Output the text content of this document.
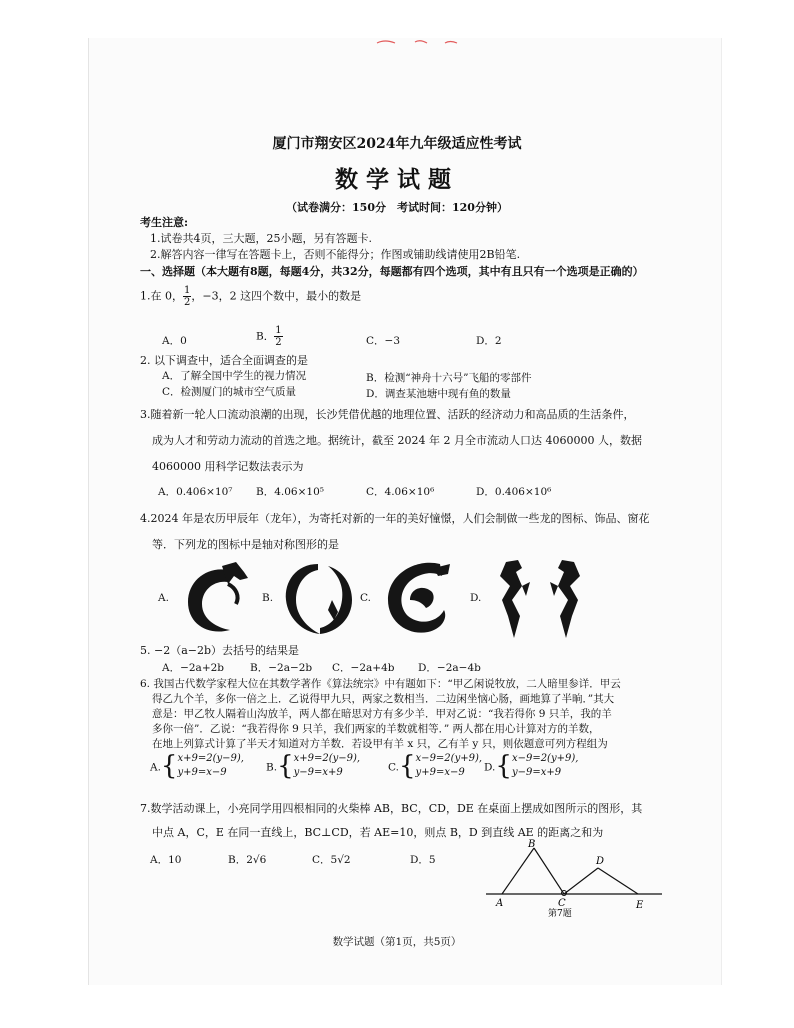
厦门市翔安区2024年九年级适应性考试
数学试题
（试卷满分：150分　考试时间：120分钟）
考生注意:
1.试卷共4页，三大题，25小题，另有答题卡.
2.解答内容一律写在答题卡上，否则不能得分；作图或铺助线请使用2B铅笔.
一、选择题（本大题有8题，每题4分，共32分，每题都有四个选项，其中有且只有一个选项是正确的）
1.在 0， $\frac{1}{2}$ ，−3，2 这四个数中，最小的数是
A．0	B． $\frac{1}{2}$	C．−3	D．2
2. 以下调查中，适合全面调查的是
A．了解全国中学生的视力情况	B．检测“神舟十六号”飞船的零部件
C．检测厦门的城市空气质量	D．调查某池塘中现有鱼的数量
3.随着新一轮人口流动浪潮的出现，长沙凭借优越的地理位置、活跃的经济动力和高品质的生活条件，
成为人才和劳动力流动的首选之地。据统计，截至 2024 年 2 月全市流动人口达 4060000 人，数据
4060000 用科学记数法表示为
A．0.406×10⁷ B．4.06×10⁵	C．4.06×10⁶	D．0.406×10⁶
4.2024 年是农历甲辰年（龙年），为寄托对新的一年的美好憧憬，人们会制做一些龙的图标、饰品、窗花
等．下列龙的图标中是轴对称图形的是
A.	B.	C.	D.
5. −2（a−2b）去括号的结果是
A．−2a+2b B．−2a−2b C．−2a+4b D．−2a−4b
6. 我国古代数学家程大位在其数学著作《算法统宗》中有题如下：“甲乙闲说牧放，二人暗里参详．甲云
得乙九个羊，多你一倍之上．乙说得甲九只，两家之数相当．二边闲坐恼心肠，画地算了半晌．”其大
意是：甲乙牧人隔着山沟放羊，两人都在暗思对方有多少羊．甲对乙说：“我若得你 9 只羊，我的羊
多你一倍”．乙说：“我若得你 9 只羊，我们两家的羊数就相等．” 两人都在用心计算对方的羊数，
在地上列算式计算了半天才知道对方羊数．若设甲有羊 x 只，乙有羊 y 只，则依题意可列方程组为
A.{x+9=2(y−9),
y+9=x−9	B.{x+9=2(y−9),
y−9=x+9	C.{x−9=2(y+9),
y+9=x−9	D.{x−9=2(y+9),
y−9=x+9
7.数学活动课上，小亮同学用四根相同的火柴棒 AB，BC，CD，DE 在桌面上摆成如图所示的图形，其
中点 A，C，E 在同一直线上，BC⊥CD，若 AE=10，则点 B，D 到直线 AE 的距离之和为
A．10	B．2√6	C．5√2	D．5
A
B
C
D
E
第7题
数学试题（第1页，共5页）
